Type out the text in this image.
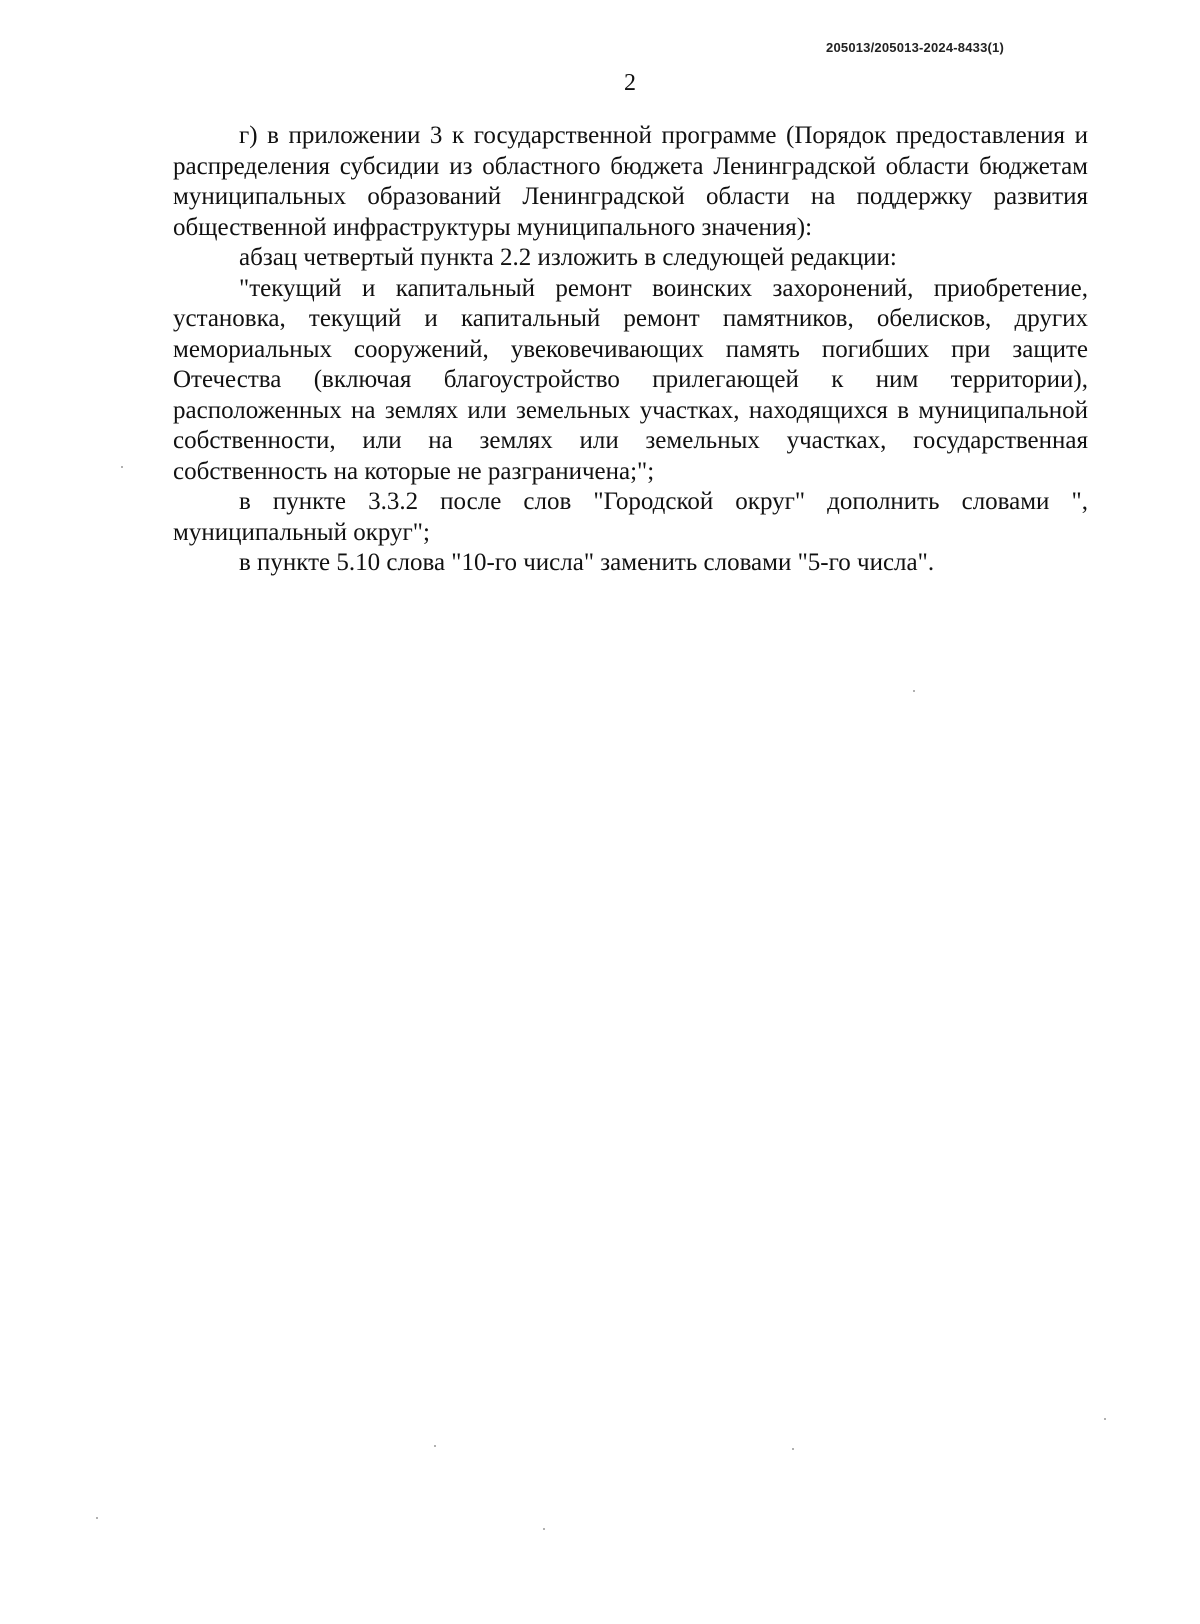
205013/205013-2024-8433(1)
2

г) в приложении 3 к государственной программе (Порядок предоставления и распределения субсидии из областного бюджета Ленинградской области бюджетам муниципальных образований Ленинградской области на поддержку развития общественной инфраструктуры муниципального значения):

абзац четвертый пункта 2.2 изложить в следующей редакции:

"текущий и капитальный ремонт воинских захоронений, приобретение, установка, текущий и капитальный ремонт памятников, обелисков, других мемориальных сооружений, увековечивающих память погибших при защите Отечества (включая благоустройство прилегающей к ним территории), расположенных на землях или земельных участках, находящихся в муниципальной собственности, или на землях или земельных участках, государственная собственность на которые не разграничена;";

в пункте 3.3.2 после слов "Городской округ" дополнить словами ", муниципальный округ";

в пункте 5.10 слова "10-го числа" заменить словами "5-го числа".
